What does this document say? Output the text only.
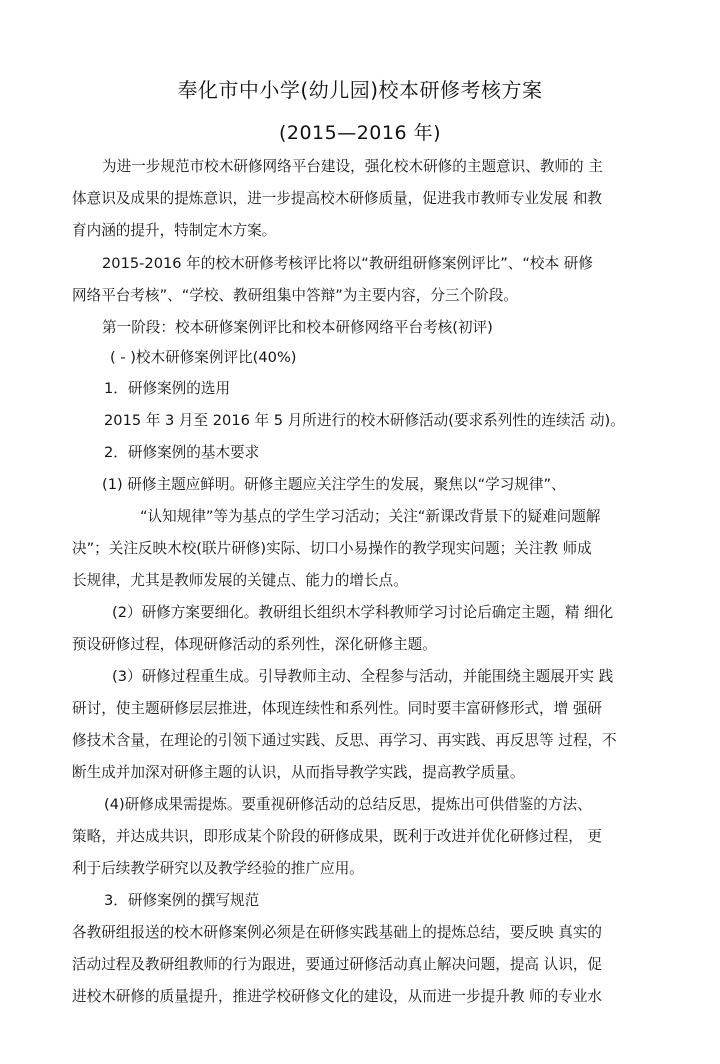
奉化市中小学(幼儿园)校本研修考核方案
(2015—2016 年)
为进一步规范市校木研修网络平台建设，强化校木研修的主题意识、教师的 主
体意识及成果的提炼意识，进一步提高校木研修质量，促进我市教师专业发展 和教
育内涵的提升，特制定木方案。
2015-2016 年的校木研修考核评比将以“教研组研修案例评比”、“校本 研修
网络平台考核”、“学校、教研组集中答辩”为主要内容，分三个阶段。
第一阶段：校本研修案例评比和校本研修网络平台考核(初评)
( - )校木研修案例评比(40%)
1．研修案例的选用
2015 年 3 月至 2016 年 5 月所进行的校木研修活动(要求系列性的连续活 动)。
2．研修案例的基木要求
(1) 研修主题应鲜明。研修主题应关注学生的发展，聚焦以“学习规律”、
“认知规律”等为基点的学生学习活动；关注“新课改背景下的疑难问题解
决”；关注反映木校(联片研修)实际、切口小易操作的教学现实问题；关注教 师成
长规律，尤其是教师发展的关键点、能力的增长点。
(2）研修方案要细化。教研组长组织木学科教师学习讨论后确定主题，精 细化
预设研修过程，体现研修活动的系列性，深化研修主题。
(3）研修过程重生成。引导教师主动、全程参与活动，并能围绕主题展开实 践
研讨，使主题研修层层推进，体现连续性和系列性。同时要丰富研修形式，增 强研
修技术含量，在理论的引领下通过实践、反思、再学习、再实践、再反思等 过程，不
断生成并加深对研修主题的认识，从而指导教学实践，提高教学质量。
(4)研修成果需提炼。要重视研修活动的总结反思，提炼出可供借鉴的方法、
策略，并达成共识，即形成某个阶段的研修成果，既利于改进并优化研修过程， 更
利于后续教学研究以及教学经验的推广应用。
3．研修案例的撰写规范
各教研组报送的校木研修案例必须是在研修实践基础上的提炼总结，要反映 真实的
活动过程及教研组教师的行为跟进，要通过研修活动真止解决问题，提高 认识，促
进校木研修的质量提升，推进学校研修文化的建设，从而进一步提升教 师的专业水
